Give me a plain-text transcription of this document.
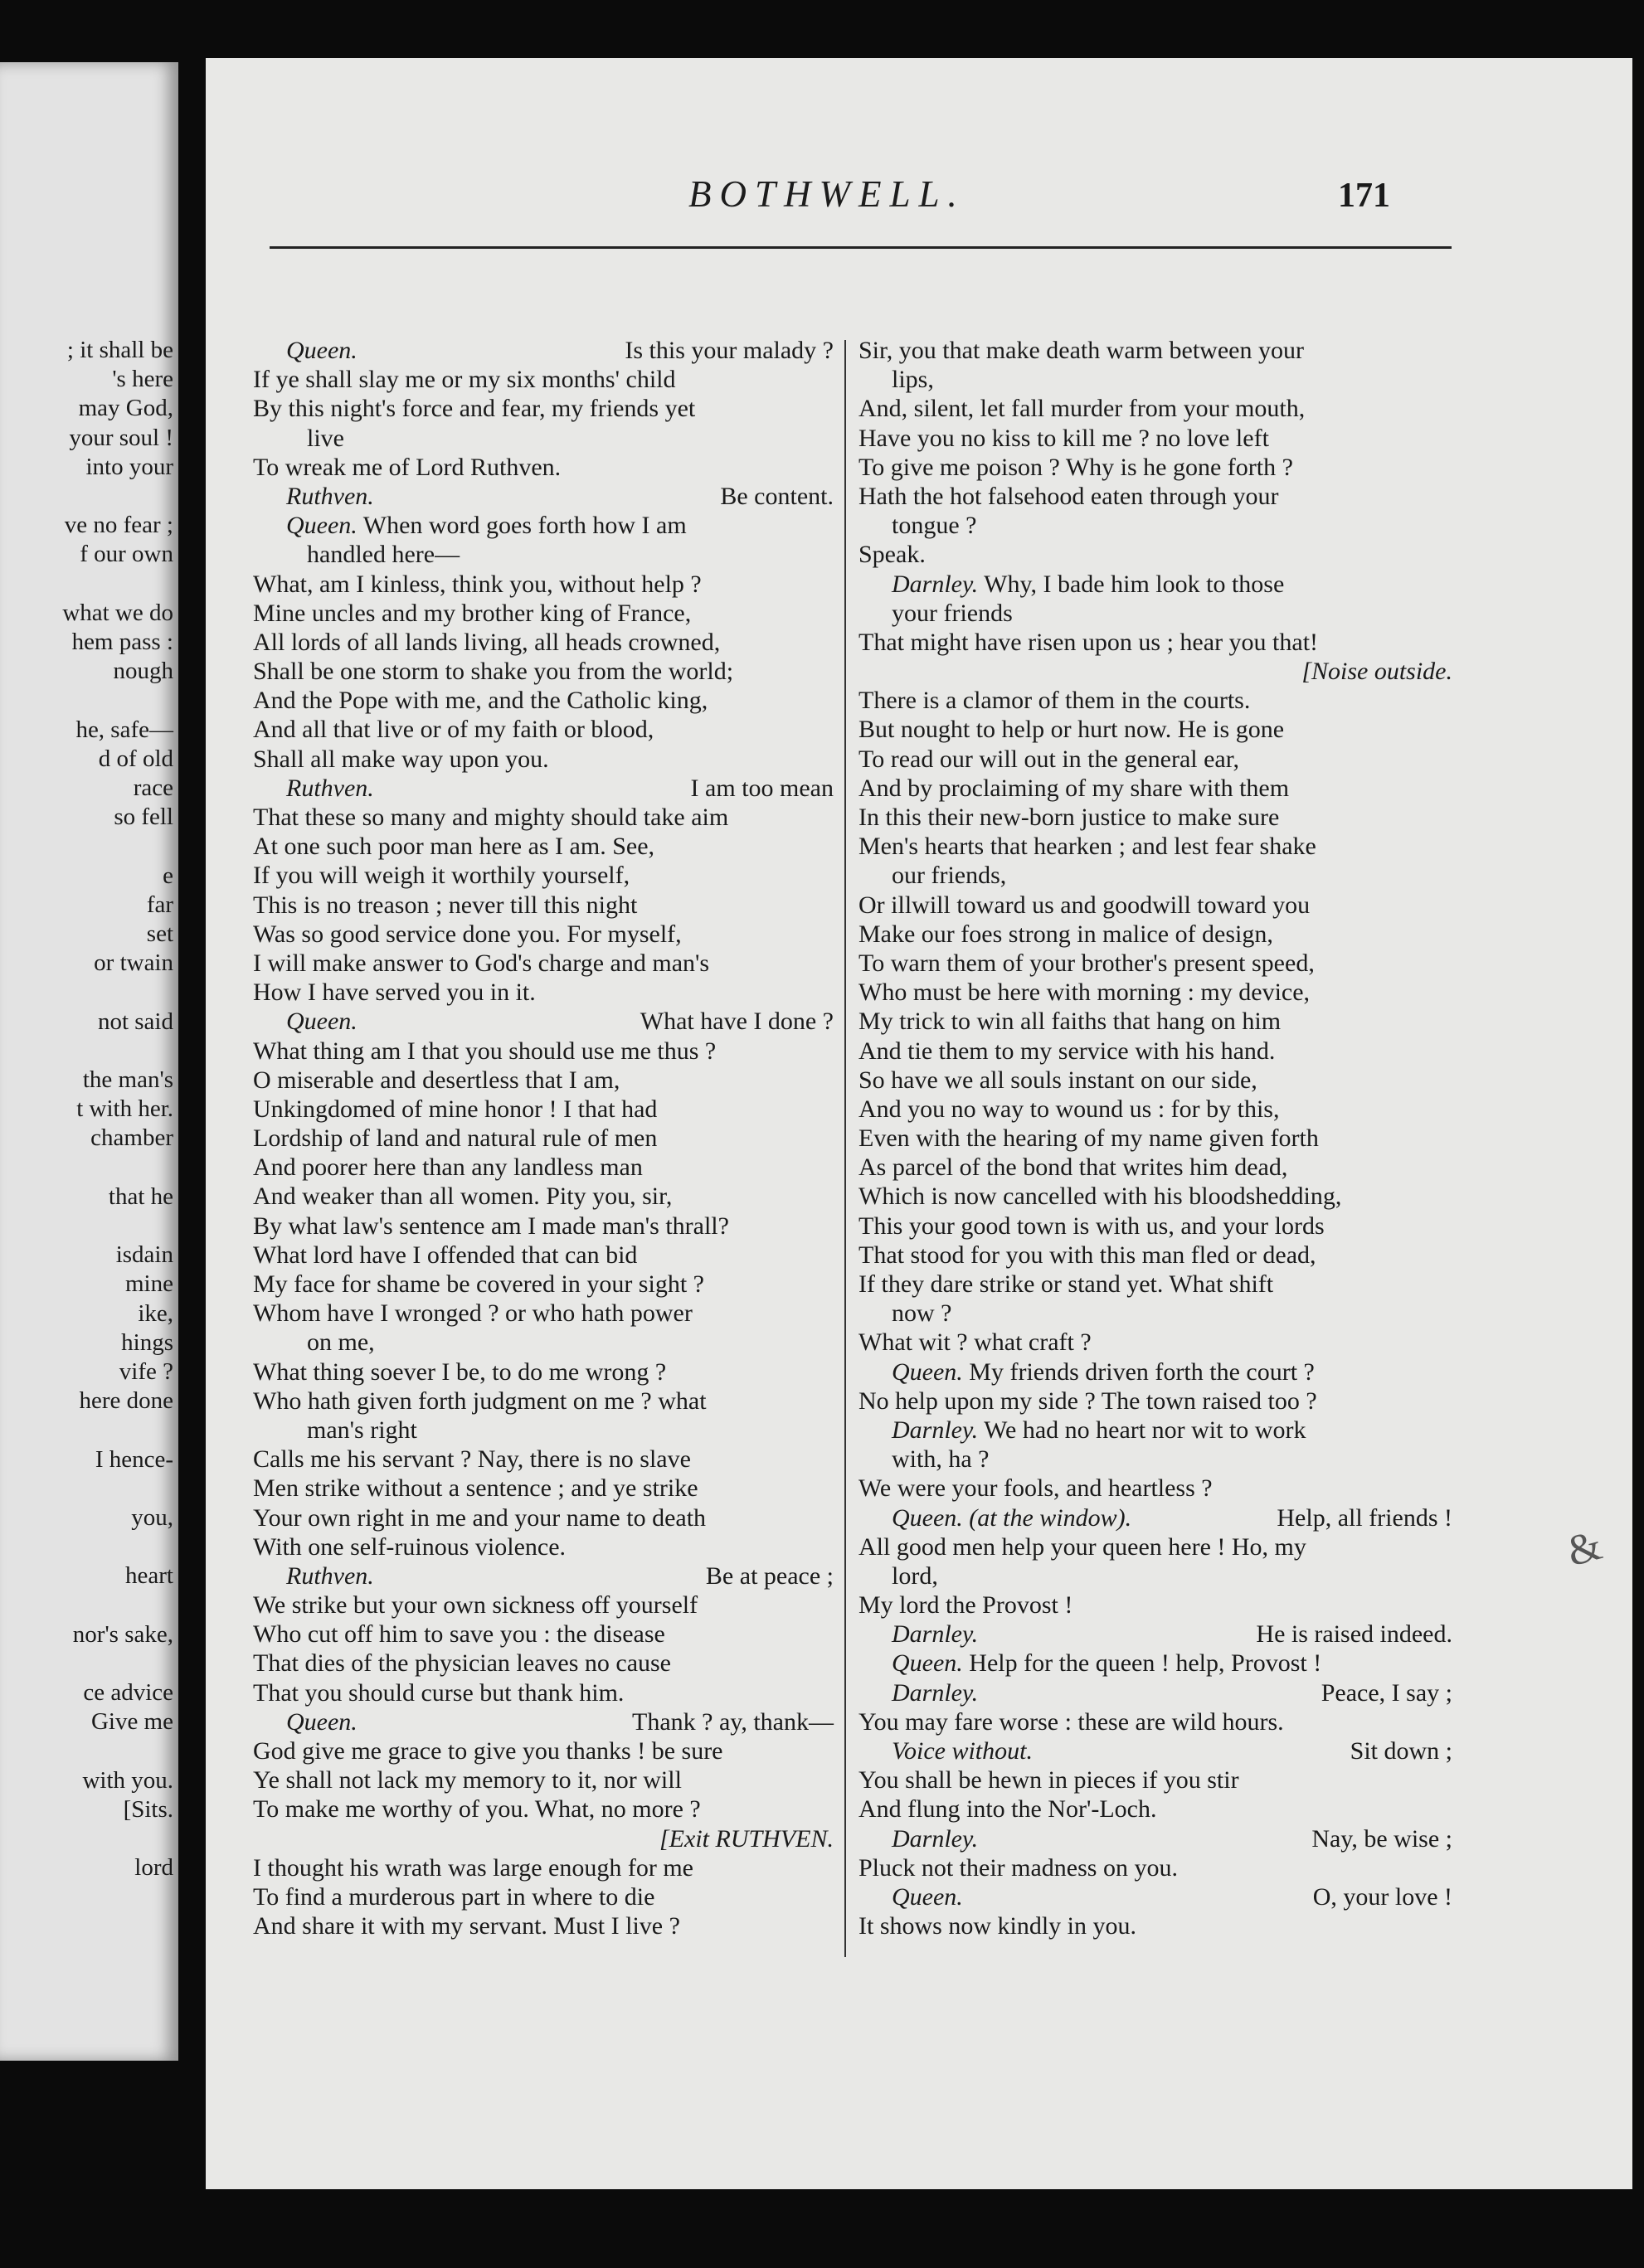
; it shall be
's here
may God,
your soul !
into your
ve no fear ;
f our own
what we do
hem pass :
nough
he, safe—
d of old
race
so fell
e
far
set
or twain
not said
the man's
t with her.
chamber
that he
isdain
mine
ike,
hings
vife ?
here done
I hence-
you,
heart
nor's sake,
ce advice
Give me
with you.
[Sits.
lord
BOTHWELL.	171
Queen.	Is this your malady ?
If ye shall slay me or my six months' child
By this night's force and fear, my friends yet
live
To wreak me of Lord Ruthven.
Ruthven.	Be content.
Queen. When word goes forth how I am
handled here—
What, am I kinless, think you, without help ?
Mine uncles and my brother king of France,
All lords of all lands living, all heads crowned,
Shall be one storm to shake you from the world;
And the Pope with me, and the Catholic king,
And all that live or of my faith or blood,
Shall all make way upon you.
Ruthven.	I am too mean
That these so many and mighty should take aim
At one such poor man here as I am. See,
If you will weigh it worthily yourself,
This is no treason ; never till this night
Was so good service done you. For myself,
I will make answer to God's charge and man's
How I have served you in it.
Queen.	What have I done ?
What thing am I that you should use me thus ?
O miserable and desertless that I am,
Unkingdomed of mine honor ! I that had
Lordship of land and natural rule of men
And poorer here than any landless man
And weaker than all women. Pity you, sir,
By what law's sentence am I made man's thrall?
What lord have I offended that can bid
My face for shame be covered in your sight ?
Whom have I wronged ? or who hath power
on me,
What thing soever I be, to do me wrong ?
Who hath given forth judgment on me ? what
man's right
Calls me his servant ? Nay, there is no slave
Men strike without a sentence ; and ye strike
Your own right in me and your name to death
With one self-ruinous violence.
Ruthven.	Be at peace ;
We strike but your own sickness off yourself
Who cut off him to save you : the disease
That dies of the physician leaves no cause
That you should curse but thank him.
Queen.	Thank ? ay, thank—
God give me grace to give you thanks ! be sure
Ye shall not lack my memory to it, nor will
To make me worthy of you. What, no more ?
[Exit RUTHVEN.
I thought his wrath was large enough for me
To find a murderous part in where to die
And share it with my servant. Must I live ?
Sir, you that make death warm between your
lips,
And, silent, let fall murder from your mouth,
Have you no kiss to kill me ? no love left
To give me poison ? Why is he gone forth ?
Hath the hot falsehood eaten through your
tongue ?
Speak.
Darnley. Why, I bade him look to those
your friends
That might have risen upon us ; hear you that!
[Noise outside.
There is a clamor of them in the courts.
But nought to help or hurt now. He is gone
To read our will out in the general ear,
And by proclaiming of my share with them
In this their new-born justice to make sure
Men's hearts that hearken ; and lest fear shake
our friends,
Or illwill toward us and goodwill toward you
Make our foes strong in malice of design,
To warn them of your brother's present speed,
Who must be here with morning : my device,
My trick to win all faiths that hang on him
And tie them to my service with his hand.
So have we all souls instant on our side,
And you no way to wound us : for by this,
Even with the hearing of my name given forth
As parcel of the bond that writes him dead,
Which is now cancelled with his bloodshedding,
This your good town is with us, and your lords
That stood for you with this man fled or dead,
If they dare strike or stand yet. What shift
now ?
What wit ? what craft ?
Queen. My friends driven forth the court ?
No help upon my side ? The town raised too ?
Darnley. We had no heart nor wit to work
with, ha ?
We were your fools, and heartless ?
Queen. (at the window).	Help, all friends !
All good men help your queen here ! Ho, my
lord,
My lord the Provost !
Darnley.	He is raised indeed.
Queen. Help for the queen ! help, Provost !
Darnley.	Peace, I say ;
You may fare worse : these are wild hours.
Voice without.	Sit down ;
You shall be hewn in pieces if you stir
And flung into the Nor'-Loch.
Darnley.	Nay, be wise ;
Pluck not their madness on you.
Queen.	O, your love !
It shows now kindly in you.
&
